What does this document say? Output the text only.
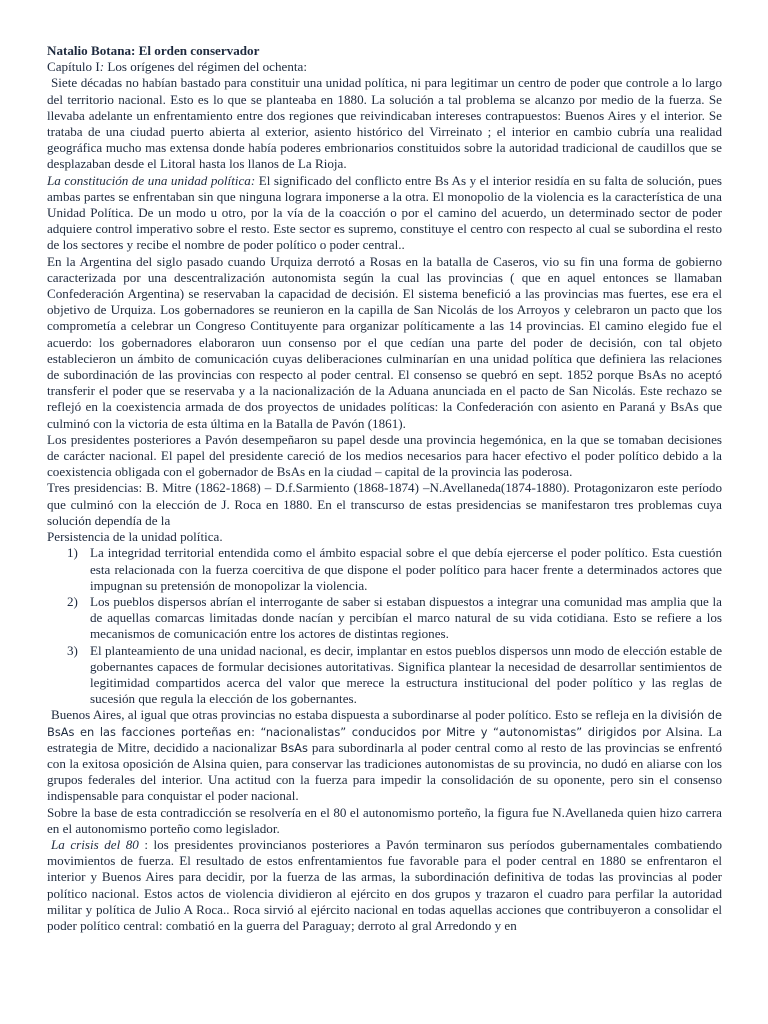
Natalio Botana: El orden conservador

Capítulo I: Los orígenes del régimen del ochenta:

Siete décadas no habían bastado para constituir una unidad política, ni para legitimar un centro de poder que controle a lo largo del territorio nacional. Esto es lo que se planteaba en 1880. La solución a tal problema se alcanzo por medio de la fuerza. Se llevaba adelante un enfrentamiento entre dos regiones que reivindicaban intereses contrapuestos: Buenos Aires y el interior. Se trataba de una ciudad puerto abierta al exterior, asiento histórico del Virreinato ; el interior en cambio cubría una realidad geográfica mucho mas extensa donde había poderes embrionarios constituidos sobre la autoridad tradicional de caudillos que se desplazaban desde el Litoral hasta los llanos de La Rioja.

La constitución de una unidad política: El significado del conflicto entre Bs As y el interior residía en su falta de solución, pues ambas partes se enfrentaban sin que ninguna lograra imponerse a la otra. El monopolio de la violencia es la característica de una Unidad Política. De un modo u otro, por la vía de la coacción o por el camino del acuerdo, un determinado sector de poder adquiere control imperativo sobre el resto. Este sector es supremo, constituye el centro con respecto al cual se subordina el resto de los sectores y recibe el nombre de poder político o poder central..

En la Argentina del siglo pasado cuando Urquiza derrotó a Rosas en la batalla de Caseros, vio su fin una forma de gobierno caracterizada por una descentralización autonomista según la cual las provincias ( que en aquel entonces se llamaban Confederación Argentina) se reservaban la capacidad de decisión. El sistema benefició a las provincias mas fuertes, ese era el objetivo de Urquiza. Los gobernadores se reunieron en la capilla de San Nicolás de los Arroyos y celebraron un pacto que los comprometía a celebrar un Congreso Contituyente para organizar políticamente a las 14 provincias. El camino elegido fue el acuerdo: los gobernadores elaboraron uun consenso por el que cedían una parte del poder de decisión, con tal objeto establecieron un ámbito de comunicación cuyas deliberaciones culminarían en una unidad política que definiera las relaciones de subordinación de las provincias con respecto al poder central. El consenso se quebró en sept. 1852 porque BsAs no aceptó transferir el poder que se reservaba y a la nacionalización de la Aduana anunciada en el pacto de San Nicolás. Este rechazo se reflejó en la coexistencia armada de dos proyectos de unidades políticas: la Confederación con asiento en Paraná y BsAs que culminó con la victoria de esta última en la Batalla de Pavón (1861).

Los presidentes posteriores a Pavón desempeñaron su papel desde una provincia hegemónica, en la que se tomaban decisiones de carácter nacional. El papel del presidente careció de los medios necesarios para hacer efectivo el poder político debido a la coexistencia obligada con el gobernador de BsAs en la ciudad – capital de la provincia las poderosa.

Tres presidencias: B. Mitre (1862-1868) – D.f.Sarmiento (1868-1874) –N.Avellaneda(1874-1880). Protagonizaron este período que culminó con la elección de J. Roca en 1880. En el transcurso de estas presidencias se manifestaron tres problemas cuya solución dependía de la

Persistencia de la unidad política.

1) La integridad territorial entendida como el ámbito espacial sobre el que debía ejercerse el poder político. Esta cuestión esta relacionada con la fuerza coercitiva de que dispone el poder político para hacer frente a determinados actores que impugnan su pretensión de monopolizar la violencia.
2) Los pueblos dispersos abrían el interrogante de saber si estaban dispuestos a integrar una comunidad mas amplia que la de aquellas comarcas limitadas donde nacían y percibían el marco natural de su vida cotidiana. Esto se refiere a los mecanismos de comunicación entre los actores de distintas regiones.
3) El planteamiento de una unidad nacional, es decir, implantar en estos pueblos dispersos unn modo de elección estable de gobernantes capaces de formular decisiones autoritativas. Significa plantear la necesidad de desarrollar sentimientos de legitimidad compartidos acerca del valor que merece la estructura institucional del poder político y las reglas de sucesión que regula la elección de los gobernantes.

Buenos Aires, al igual que otras provincias no estaba dispuesta a subordinarse al poder político. Esto se refleja en la división de BsAs en las facciones porteñas en: “nacionalistas” conducidos por Mitre y “autonomistas” dirigidos por Alsina. La estrategia de Mitre, decidido a nacionalizar BsAs para subordinarla al poder central como al resto de las provincias se enfrentó con la exitosa oposición de Alsina quien, para conservar las tradiciones autonomistas de su provincia, no dudó en aliarse con los grupos federales del interior. Una actitud con la fuerza para impedir la consolidación de su oponente, pero sin el consenso indispensable para conquistar el poder nacional.

Sobre la base de esta contradicción se resolvería en el 80 el autonomismo porteño, la figura fue N.Avellaneda quien hizo carrera en el autonomismo porteño como legislador.

La crisis del 80 : los presidentes provincianos posteriores a Pavón terminaron sus períodos gubernamentales combatiendo movimientos de fuerza. El resultado de estos enfrentamientos fue favorable para el poder central en 1880 se enfrentaron el interior y Buenos Aires para decidir, por la fuerza de las armas, la subordinación definitiva de todas las provincias al poder político nacional. Estos actos de violencia dividieron al ejército en dos grupos y trazaron el cuadro para perfilar la autoridad militar y política de Julio A Roca.. Roca sirvió al ejército nacional en todas aquellas acciones que contribuyeron a consolidar el poder político central: combatió en la guerra del Paraguay; derroto al gral Arredondo y en
